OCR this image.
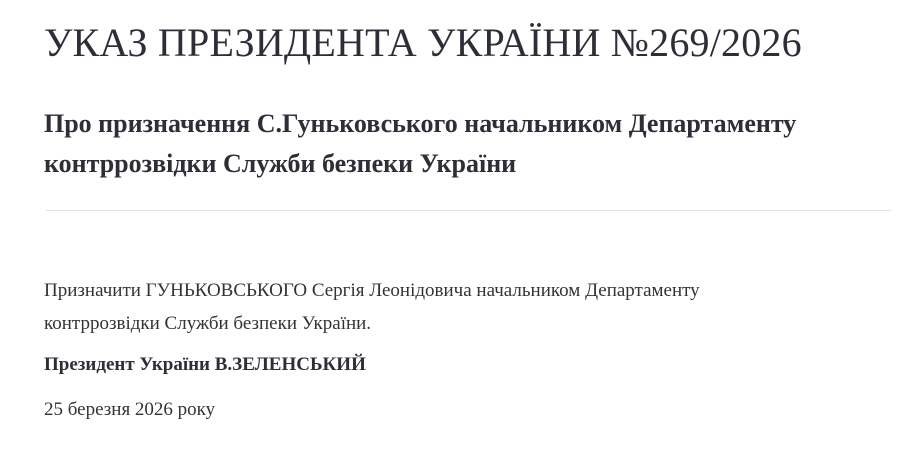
УКАЗ ПРЕЗИДЕНТА УКРАЇНИ №269/2026
Про призначення С.Гуньковського начальником Департаменту
контррозвідки Служби безпеки України
Призначити ГУНЬКОВСЬКОГО Сергія Леонідовича начальником Департаменту
контррозвідки Служби безпеки України.
Президент України В.ЗЕЛЕНСЬКИЙ
25 березня 2026 року
